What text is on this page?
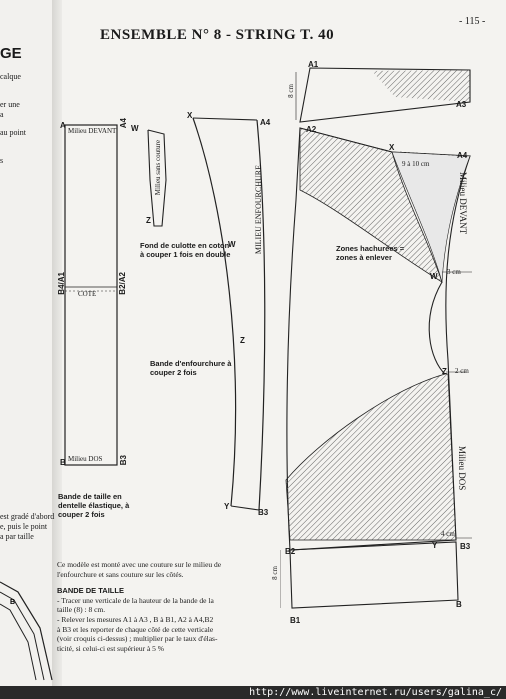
GE
calque
er une
a
au point
s
est gradé d'abord
e, puis le point
a par taille
B
ENSEMBLE N° 8 - STRING T. 40
- 115 -
A	A4
Milieu DEVANT
B4/A1	B2/A2
COTE
Milieu DOS
B	B3
W
Z
Milieu sans couture
Fond de culotte en coton à couper 1 fois en double
X
A4
W
Z
Y
B3
MILIEU ENFOURCHURE
Bande d'enfourchure à couper 2 fois
Bande de taille en dentelle élastique, à couper 2 fois
A1
A3
A2
A4
X
W
Z
Y
B2
B3
B
B1
8 cm
9 à 10 cm
3 cm
2 cm
4 cm
8 cm
Milieu DEVANT
Milieu DOS
Zones hachurées = zones à enlever
Ce modèle est monté avec une couture sur le milieu de l'enfourchure et sans couture sur les côtés.
BANDE DE TAILLE
- Tracer une verticale de la hauteur de la bande de la
taille (8) : 8 cm.
- Relever les mesures A1 à A3 , B à B1, A2 à A4,B2
à B3 et les reporter de chaque côté de cette verticale
(voir croquis ci-dessus) ; multiplier par le taux d'élas-
ticité, si celui-ci est supérieur à 5 %
http://www.liveinternet.ru/users/galina_c/
